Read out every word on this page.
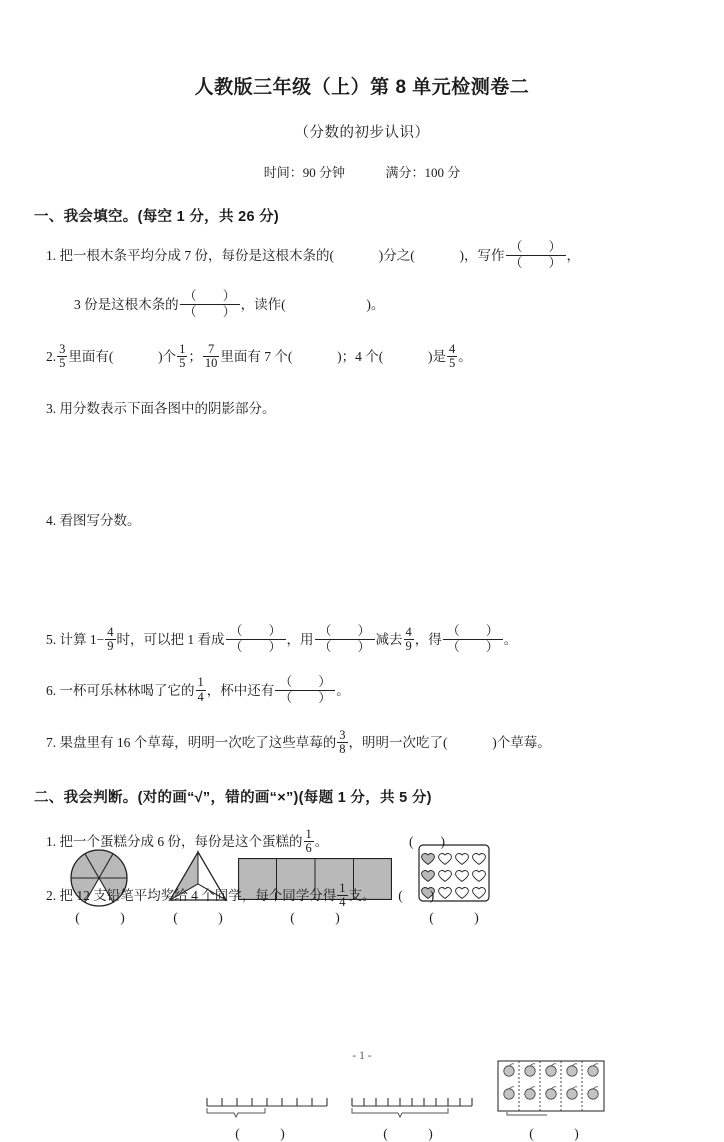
人教版三年级（上）第 8 单元检测卷二
（分数的初步认识）
时间：90 分钟	满分：100 分
一、我会填空。(每空 1 分，共 26 分)
1. 把一根木条平均分成 7 份，每份是这根木条的(	)分之(	)，写作 $\frac{( )}{( )}$ ，
3 份是这根木条的 $\frac{( )}{( )}$ ，读作(	)。
2. $\frac{3}{5}$ 里面有(	)个 $\frac{1}{5}$ ； $\frac{7}{10}$ 里面有 7 个(	)；4 个(	)是 $\frac{4}{5}$ 。
3. 用分数表示下面各图中的阴影部分。
(　　　)	(　　　)	(　　　)	(　　　)
4. 看图写分数。
(　　　)	(　　　)	(　　　)
5. 计算 $1- \frac{4}{9}$ 时，可以把 1 看成 $\frac{( )}{( )}$ ，用 $\frac{( )}{( )}$ 减去 $\frac{4}{9}$ ，得 $\frac{( )}{( )}$ 。
6. 一杯可乐林林喝了它的 $\frac{1}{4}$ ，杯中还有 $\frac{( )}{( )}$ 。
7. 果盘里有 16 个草莓，明明一次吃了这些草莓的 $\frac{3}{8}$ ，明明一次吃了(	)个草莓。
二、我会判断。(对的画“√”，错的画“×”)(每题 1 分，共 5 分)
1. 把一个蛋糕分成 6 份，每份是这个蛋糕的 $\frac{1}{6}$ 。	(　　)
2. 把 12 支铅笔平均奖给 4 个同学，每个同学分得 $\frac{1}{4}$ 支。 (　　)
- 1 -
